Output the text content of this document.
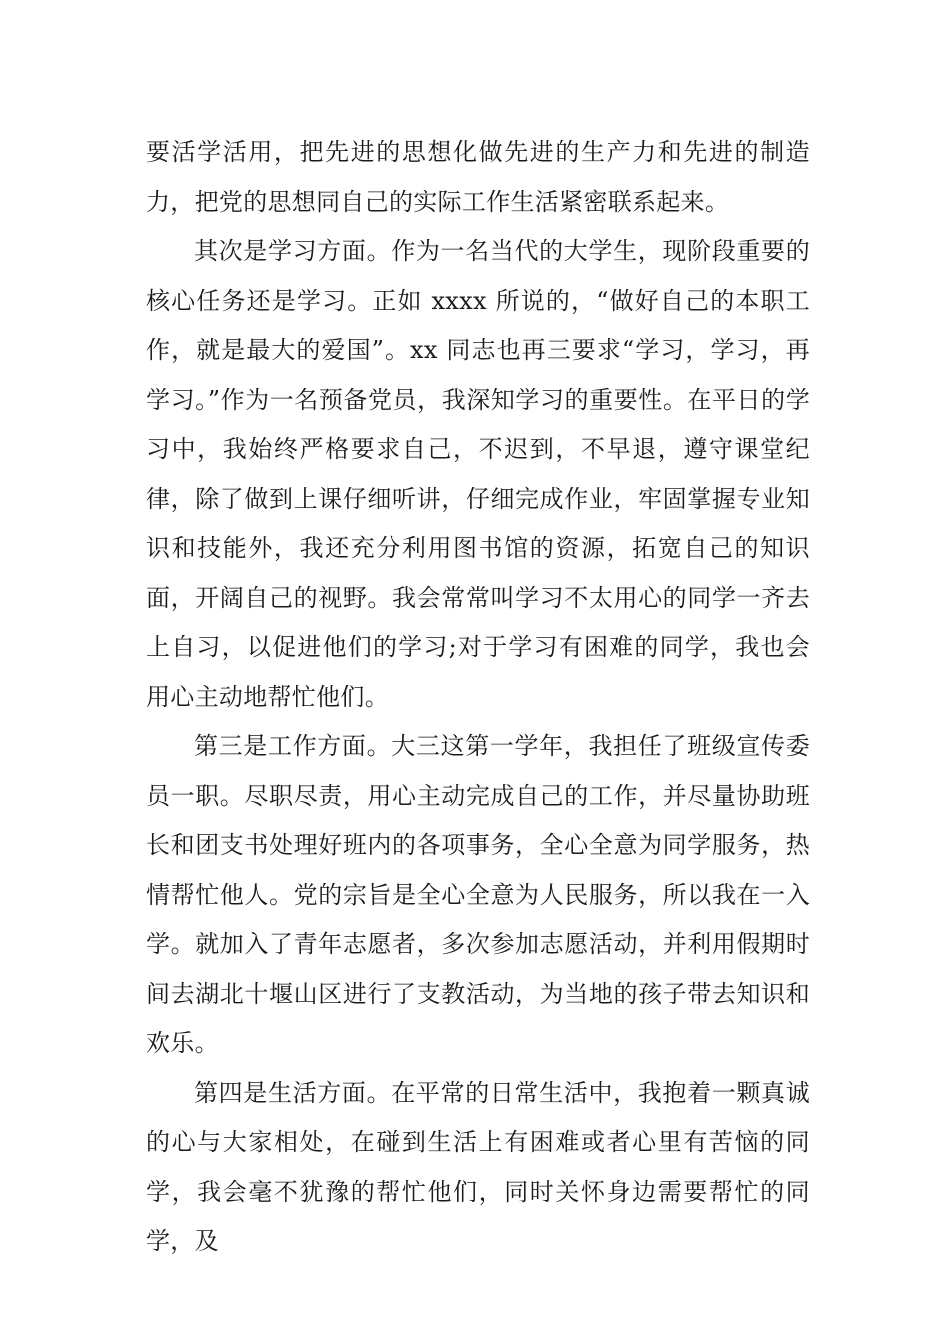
要活学活用，把先进的思想化做先进的生产力和先进的制造力，把党的思想同自己的实际工作生活紧密联系起来。

其次是学习方面。作为一名当代的大学生，现阶段重要的核心任务还是学习。正如 xxxx 所说的，“做好自己的本职工作，就是最大的爱国”。xx 同志也再三要求“学习，学习，再学习。”作为一名预备党员，我深知学习的重要性。在平日的学习中，我始终严格要求自己，不迟到，不早退，遵守课堂纪律，除了做到上课仔细听讲，仔细完成作业，牢固掌握专业知识和技能外，我还充分利用图书馆的资源，拓宽自己的知识面，开阔自己的视野。我会常常叫学习不太用心的同学一齐去上自习，以促进他们的学习;对于学习有困难的同学，我也会用心主动地帮忙他们。

第三是工作方面。大三这第一学年，我担任了班级宣传委员一职。尽职尽责，用心主动完成自己的工作，并尽量协助班长和团支书处理好班内的各项事务，全心全意为同学服务，热情帮忙他人。党的宗旨是全心全意为人民服务，所以我在一入学。就加入了青年志愿者，多次参加志愿活动，并利用假期时间去湖北十堰山区进行了支教活动，为当地的孩子带去知识和欢乐。

第四是生活方面。在平常的日常生活中，我抱着一颗真诚的心与大家相处，在碰到生活上有困难或者心里有苦恼的同学，我会毫不犹豫的帮忙他们，同时关怀身边需要帮忙的同学，及
